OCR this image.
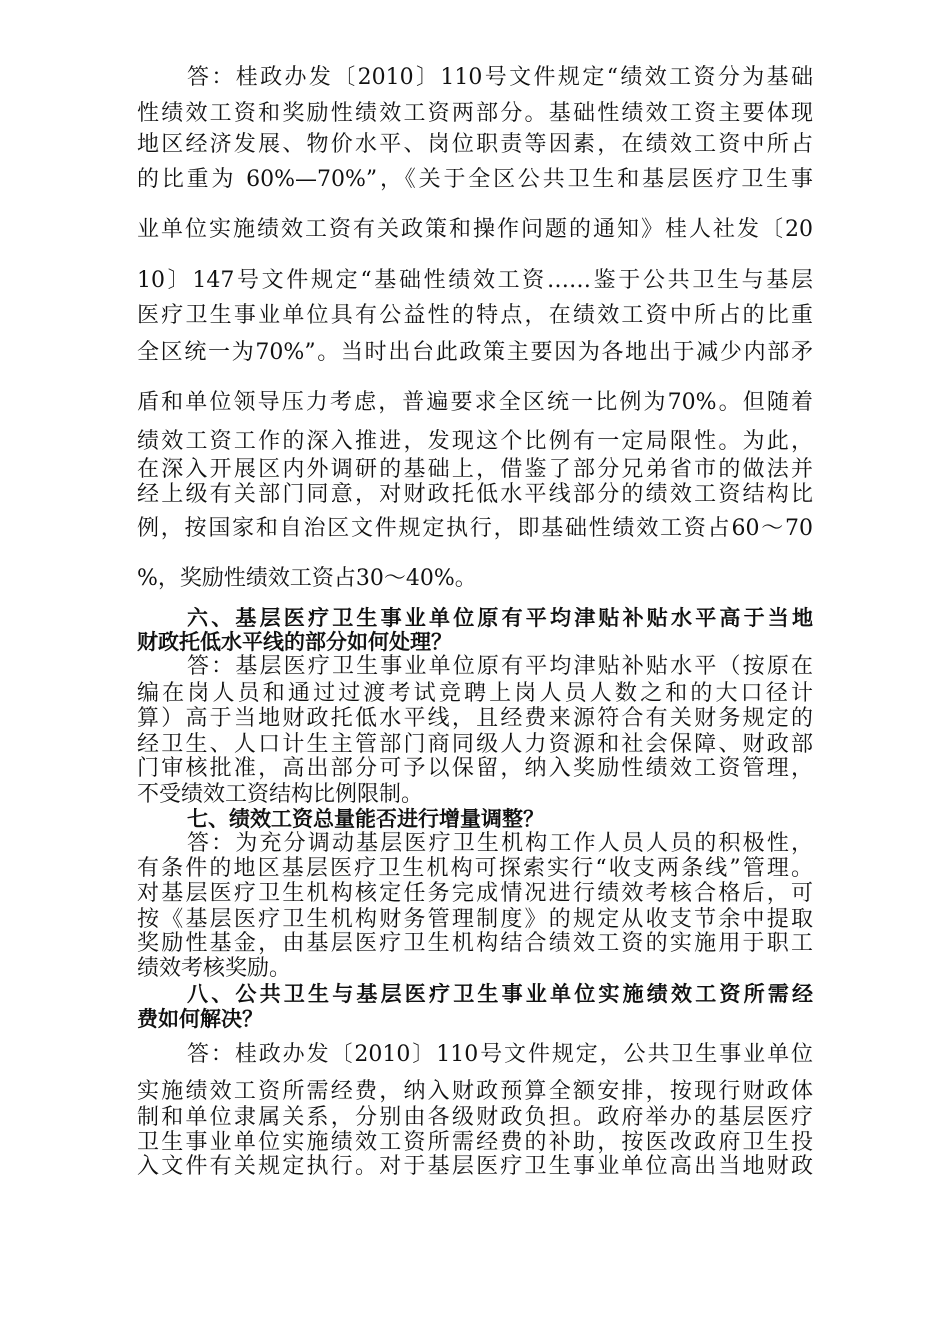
答：桂政办发〔2010〕110号文件规定“绩效工资分为基础

性绩效工资和奖励性绩效工资两部分。基础性绩效工资主要体现

地区经济发展、物价水平、岗位职责等因素，在绩效工资中所占

的比重为 60%—70%”，《关于全区公共卫生和基层医疗卫生事

业单位实施绩效工资有关政策和操作问题的通知》桂人社发〔20

10〕147号文件规定“基础性绩效工资……鉴于公共卫生与基层

医疗卫生事业单位具有公益性的特点，在绩效工资中所占的比重

全区统一为70%”。当时出台此政策主要因为各地出于减少内部矛

盾和单位领导压力考虑，普遍要求全区统一比例为70%。但随着

绩效工资工作的深入推进，发现这个比例有一定局限性。为此，

在深入开展区内外调研的基础上，借鉴了部分兄弟省市的做法并

经上级有关部门同意，对财政托低水平线部分的绩效工资结构比

例，按国家和自治区文件规定执行，即基础性绩效工资占60～70

%，奖励性绩效工资占30～40%。

六、基层医疗卫生事业单位原有平均津贴补贴水平高于当地

财政托低水平线的部分如何处理？

答：基层医疗卫生事业单位原有平均津贴补贴水平（按原在

编在岗人员和通过过渡考试竞聘上岗人员人数之和的大口径计

算）高于当地财政托低水平线，且经费来源符合有关财务规定的

经卫生、人口计生主管部门商同级人力资源和社会保障、财政部

门审核批准，高出部分可予以保留，纳入奖励性绩效工资管理，

不受绩效工资结构比例限制。

七、绩效工资总量能否进行增量调整？

答：为充分调动基层医疗卫生机构工作人员人员的积极性，

有条件的地区基层医疗卫生机构可探索实行“收支两条线”管理。

对基层医疗卫生机构核定任务完成情况进行绩效考核合格后，可

按《基层医疗卫生机构财务管理制度》的规定从收支节余中提取

奖励性基金，由基层医疗卫生机构结合绩效工资的实施用于职工

绩效考核奖励。

八、公共卫生与基层医疗卫生事业单位实施绩效工资所需经

费如何解决？

答：桂政办发〔2010〕110号文件规定，公共卫生事业单位

实施绩效工资所需经费，纳入财政预算全额安排，按现行财政体

制和单位隶属关系，分别由各级财政负担。政府举办的基层医疗

卫生事业单位实施绩效工资所需经费的补助，按医改政府卫生投

入文件有关规定执行。对于基层医疗卫生事业单位高出当地财政
